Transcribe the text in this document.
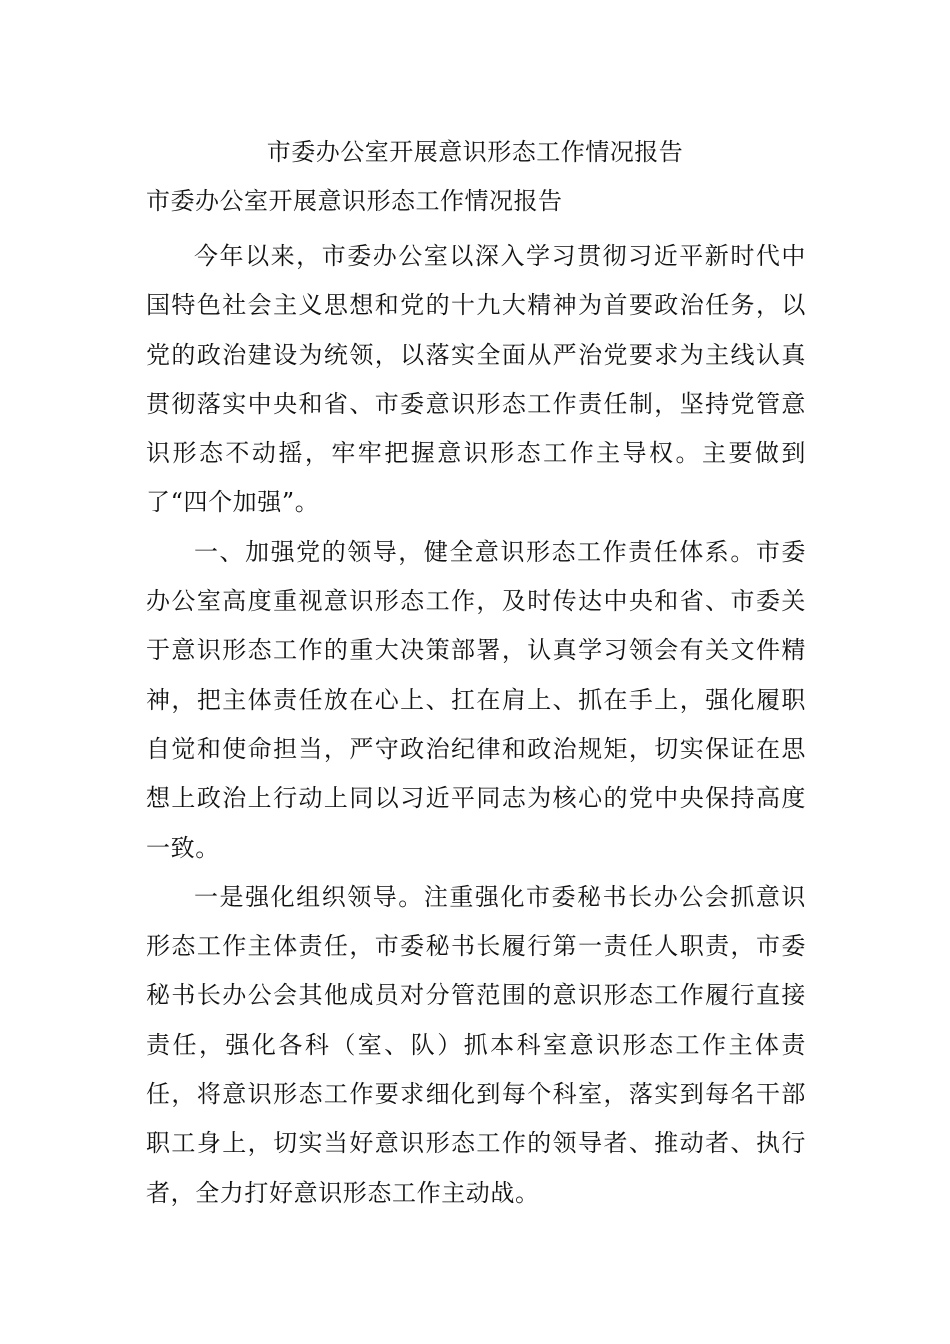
市委办公室开展意识形态工作情况报告
市委办公室开展意识形态工作情况报告

今年以来，市委办公室以深入学习贯彻习近平新时代中国特色社会主义思想和党的十九大精神为首要政治任务，以党的政治建设为统领，以落实全面从严治党要求为主线认真贯彻落实中央和省、市委意识形态工作责任制，坚持党管意识形态不动摇，牢牢把握意识形态工作主导权。主要做到了“四个加强”。

一、加强党的领导，健全意识形态工作责任体系。市委办公室高度重视意识形态工作，及时传达中央和省、市委关于意识形态工作的重大决策部署，认真学习领会有关文件精神，把主体责任放在心上、扛在肩上、抓在手上，强化履职自觉和使命担当，严守政治纪律和政治规矩，切实保证在思想上政治上行动上同以习近平同志为核心的党中央保持高度一致。

一是强化组织领导。注重强化市委秘书长办公会抓意识形态工作主体责任，市委秘书长履行第一责任人职责，市委秘书长办公会其他成员对分管范围的意识形态工作履行直接责任，强化各科（室、队）抓本科室意识形态工作主体责任，将意识形态工作要求细化到每个科室，落实到每名干部职工身上，切实当好意识形态工作的领导者、推动者、执行者，全力打好意识形态工作主动战。
